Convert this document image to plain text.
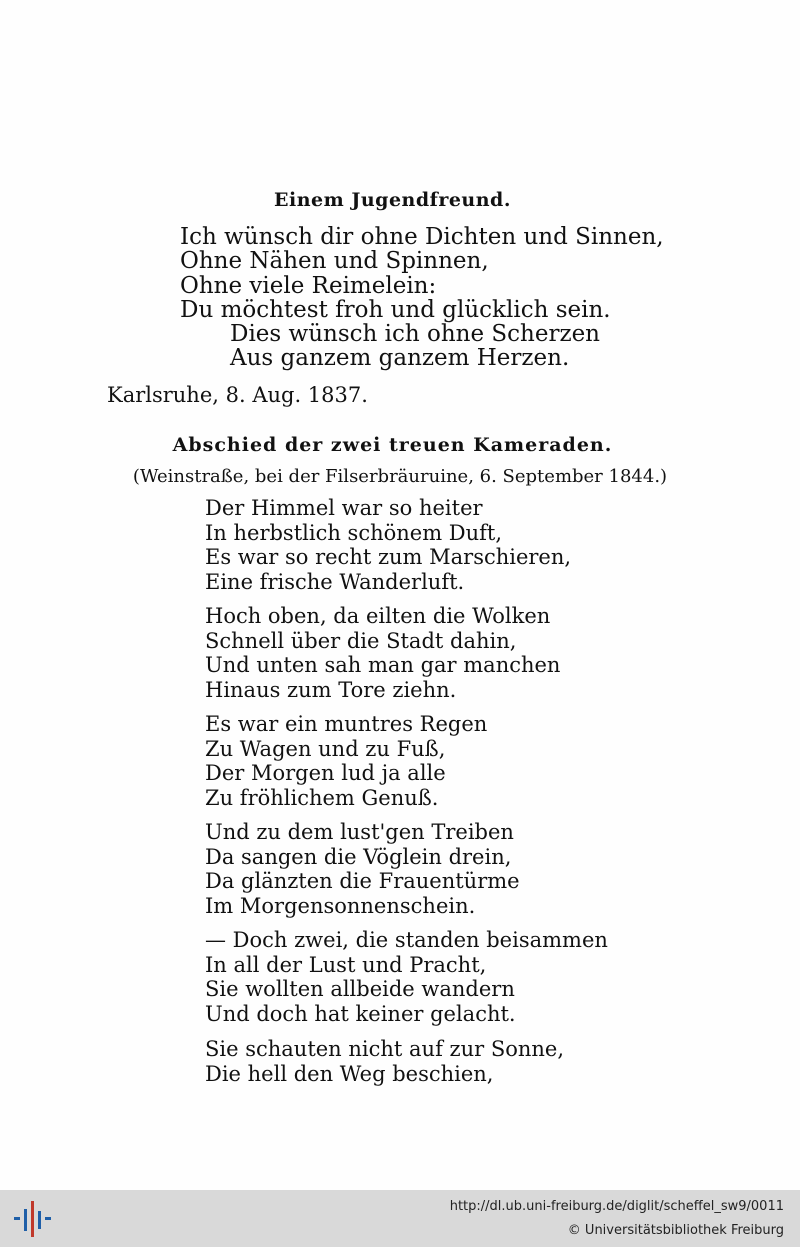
Einem Jugendfreund.
Ich wünsch dir ohne Dichten und Sinnen,
Ohne Nähen und Spinnen,
Ohne viele Reimelein:
Du möchtest froh und glücklich sein.
Dies wünsch ich ohne Scherzen
Aus ganzem ganzem Herzen.
Karlsruhe, 8. Aug. 1837.
Abschied der zwei treuen Kameraden.
(Weinstraße, bei der Filserbräuruine, 6. September 1844.)
Der Himmel war so heiter
In herbstlich schönem Duft,
Es war so recht zum Marschieren,
Eine frische Wanderluft.
Hoch oben, da eilten die Wolken
Schnell über die Stadt dahin,
Und unten sah man gar manchen
Hinaus zum Tore ziehn.
Es war ein muntres Regen
Zu Wagen und zu Fuß,
Der Morgen lud ja alle
Zu fröhlichem Genuß.
Und zu dem lust'gen Treiben
Da sangen die Vöglein drein,
Da glänzten die Frauentürme
Im Morgensonnenschein.
— Doch zwei, die standen beisammen
In all der Lust und Pracht,
Sie wollten allbeide wandern
Und doch hat keiner gelacht.
Sie schauten nicht auf zur Sonne,
Die hell den Weg beschien,
http://dl.ub.uni-freiburg.de/diglit/scheffel_sw9/0011
© Universitätsbibliothek Freiburg
